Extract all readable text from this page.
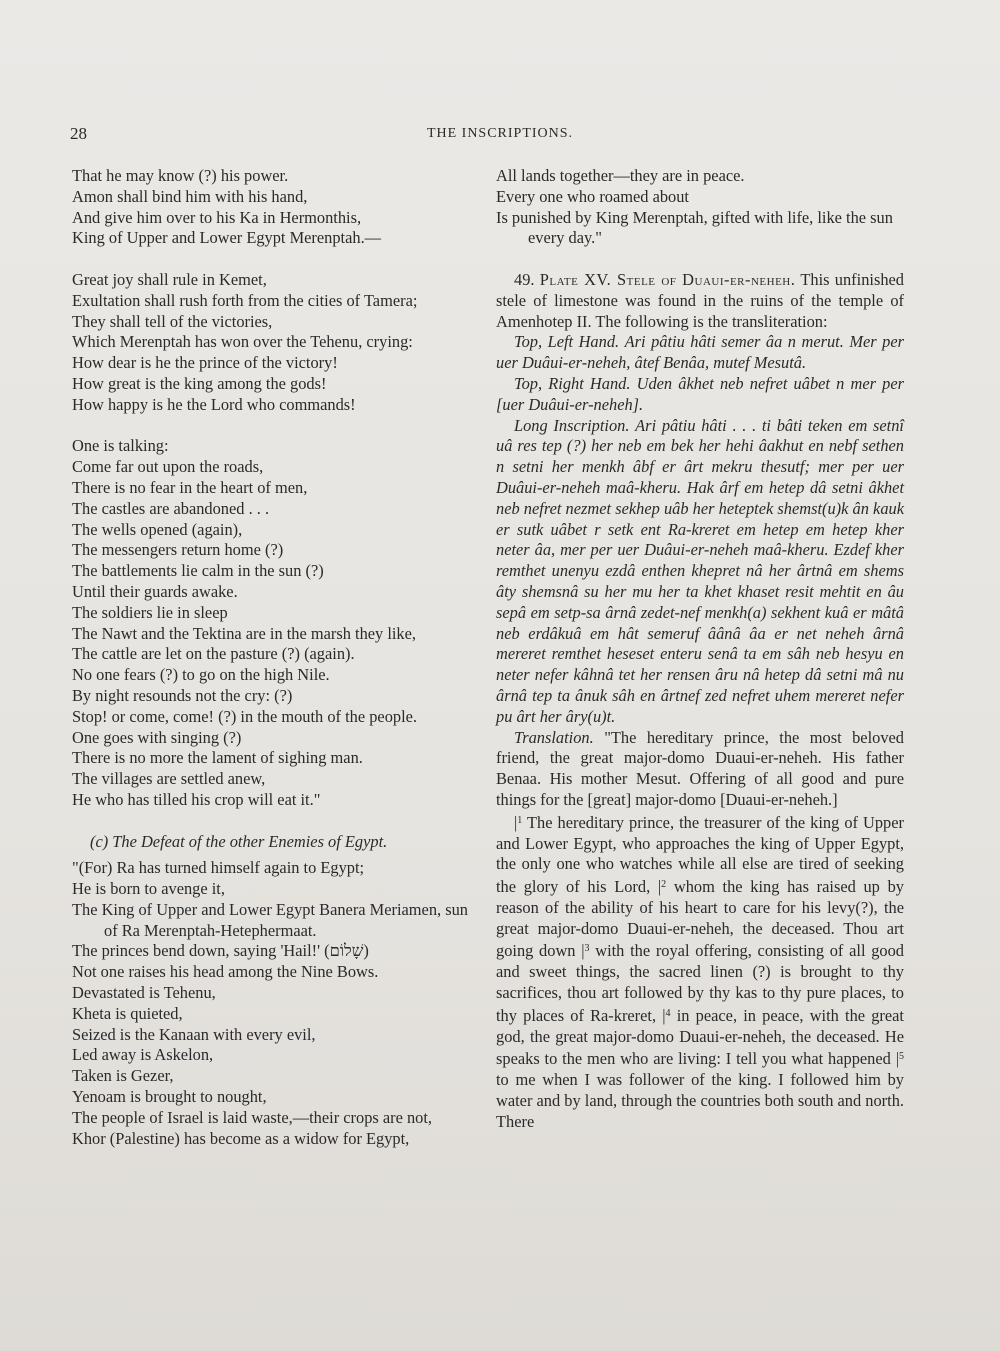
28	THE INSCRIPTIONS.
That he may know (?) his power.
Amon shall bind him with his hand,
And give him over to his Ka in Hermonthis,
King of Upper and Lower Egypt Merenptah.—
Great joy shall rule in Kemet,
Exultation shall rush forth from the cities of Tamera;
They shall tell of the victories,
Which Merenptah has won over the Tehenu, crying:
How dear is he the prince of the victory!
How great is the king among the gods!
How happy is he the Lord who commands!
One is talking:
Come far out upon the roads,
There is no fear in the heart of men,
The castles are abandoned . . .
The wells opened (again),
The messengers return home (?)
The battlements lie calm in the sun (?)
Until their guards awake.
The soldiers lie in sleep
The Nawt and the Tektina are in the marsh they like,
The cattle are let on the pasture (?) (again).
No one fears (?) to go on the high Nile.
By night resounds not the cry: (?)
Stop! or come, come! (?) in the mouth of the people.
One goes with singing (?)
There is no more the lament of sighing man.
The villages are settled anew,
He who has tilled his crop will eat it."

(c) The Defeat of the other Enemies of Egypt.

"(For) Ra has turned himself again to Egypt;
He is born to avenge it,
The King of Upper and Lower Egypt Banera Meriamen, sun of Ra Merenptah-Hetephermaat.
The princes bend down, saying 'Hail!' (שָׁלוֹם)
Not one raises his head among the Nine Bows.
Devastated is Tehenu,
Kheta is quieted,
Seized is the Kanaan with every evil,
Led away is Askelon,
Taken is Gezer,
Yenoam is brought to nought,
The people of Israel is laid waste,—their crops are not,
Khor (Palestine) has become as a widow for Egypt,
All lands together—they are in peace.
Every one who roamed about
Is punished by King Merenptah, gifted with life, like the sun every day."

49. Plate XV. Stele of Duaui-er-neheh. This unfinished stele of limestone was found in the ruins of the temple of Amenhotep II. The following is the transliteration:

Top, Left Hand. Ari pâtiu hâti semer âa n merut. Mer per uer Duâui-er-neheh, âtef Benâa, mutef Mesutâ.

Top, Right Hand. Uden âkhet neb nefret uâbet n mer per [uer Duâui-er-neheh].

Long Inscription. Ari pâtiu hâti . . . ti bâti teken em setnî uâ res tep (?) her neb em bek her hehi âakhut en nebf sethen n setni her menkh âbf er ârt mekru thesutf; mer per uer Duâui-er-neheh maâ-kheru. Hak ârf em hetep dâ setni âkhet neb nefret nezmet sekhep uâb her heteptek shemst(u)k ân kauk er sutk uâbet r setk ent Ra-kreret em hetep em hetep kher neter âa, mer per uer Duâui-er-neheh maâ-kheru. Ezdef kher remthet unenyu ezdâ enthen khepret nâ her ârtnâ em shems âty shemsnâ su her mu her ta khet khaset resit mehtit en âu sepâ em setp-sa ârnâ zedet-nef menkh(a) sekhent kuâ er mâtâ neb erdâkuâ em hât semeruf âânâ âa er net neheh ârnâ mereret remthet heseset enteru senâ ta em sâh neb hesyu en neter nefer kâhnâ tet her rensen âru nâ hetep dâ setni mâ nu ârnâ tep ta ânuk sâh en ârtnef zed nefret uhem mereret nefer pu ârt her âry(u)t.

Translation. "The hereditary prince, the most beloved friend, the great major-domo Duaui-er-neheh. His father Benaa. His mother Mesut. Offering of all good and pure things for the [great] major-domo [Duaui-er-neheh.]

$|^1$ The hereditary prince, the treasurer of the king of Upper and Lower Egypt, who approaches the king of Upper Egypt, the only one who watches while all else are tired of seeking the glory of his Lord, $|^2$ whom the king has raised up by reason of the ability of his heart to care for his levy(?), the great major-domo Duaui-er-neheh, the deceased. Thou art going down $|^3$ with the royal offering, consisting of all good and sweet things, the sacred linen (?) is brought to thy sacrifices, thou art followed by thy kas to thy pure places, to thy places of Ra-kreret, $|^4$ in peace, in peace, with the great god, the great major-domo Duaui-er-neheh, the deceased. He speaks to the men who are living: I tell you what happened $|^5$ to me when I was follower of the king. I followed him by water and by land, through the countries both south and north. There
